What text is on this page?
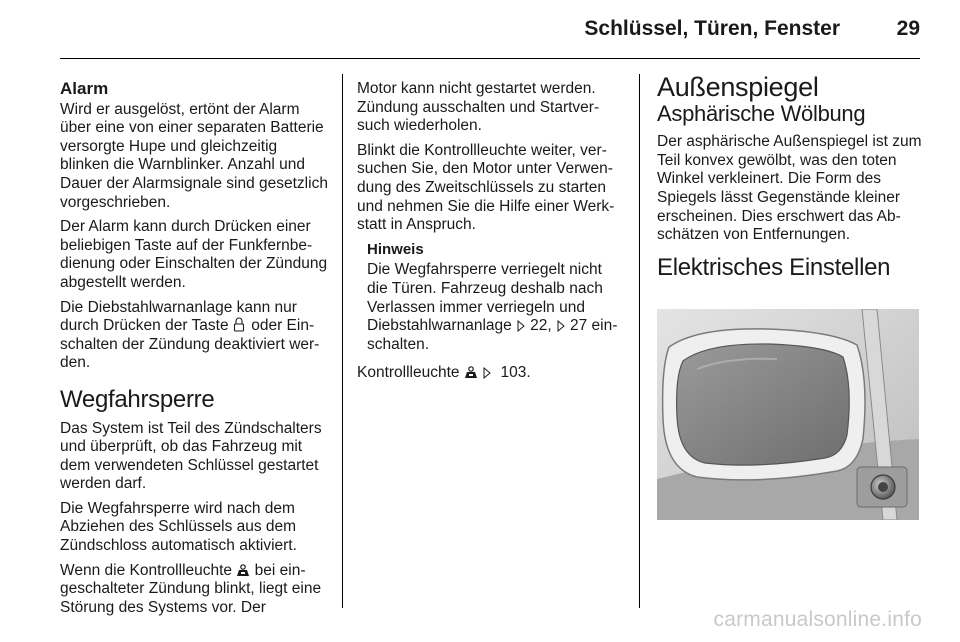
Schlüssel, Türen, Fenster	29
Alarm

Wird er ausgelöst, ertönt der Alarm über eine von einer separaten Batterie versorgte Hupe und gleichzeitig blinken die Warnblinker. Anzahl und Dauer der Alarmsignale sind gesetzlich vorgeschrieben.

Der Alarm kann durch Drücken einer beliebigen Taste auf der Funkfernbedienung oder Einschalten der Zündung abgestellt werden.

Die Diebstahlwarnanlage kann nur durch Drücken der Taste oder Einschalten der Zündung deaktiviert werden.

Wegfahrsperre

Das System ist Teil des Zündschalters und überprüft, ob das Fahrzeug mit dem verwendeten Schlüssel gestartet werden darf.

Die Wegfahrsperre wird nach dem Abziehen des Schlüssels aus dem Zündschloss automatisch aktiviert.

Wenn die Kontrollleuchte bei eingeschalteter Zündung blinkt, liegt eine Störung des Systems vor. Der

Motor kann nicht gestartet werden. Zündung ausschalten und Startversuch wiederholen.

Blinkt die Kontrollleuchte weiter, versuchen Sie, den Motor unter Verwendung des Zweitschlüssels zu starten und nehmen Sie die Hilfe einer Werkstatt in Anspruch.

Hinweis
Die Wegfahrsperre verriegelt nicht die Türen. Fahrzeug deshalb nach Verlassen immer verriegeln und Diebstahlwarnanlage 22, 27 einschalten.

Kontrollleuchte	103.

Außenspiegel
Asphärische Wölbung

Der asphärische Außenspiegel ist zum Teil konvex gewölbt, was den toten Winkel verkleinert. Die Form des Spiegels lässt Gegenstände kleiner erscheinen. Dies erschwert das Abschätzen von Entfernungen.

Elektrisches Einstellen
carmanualsonline.info
